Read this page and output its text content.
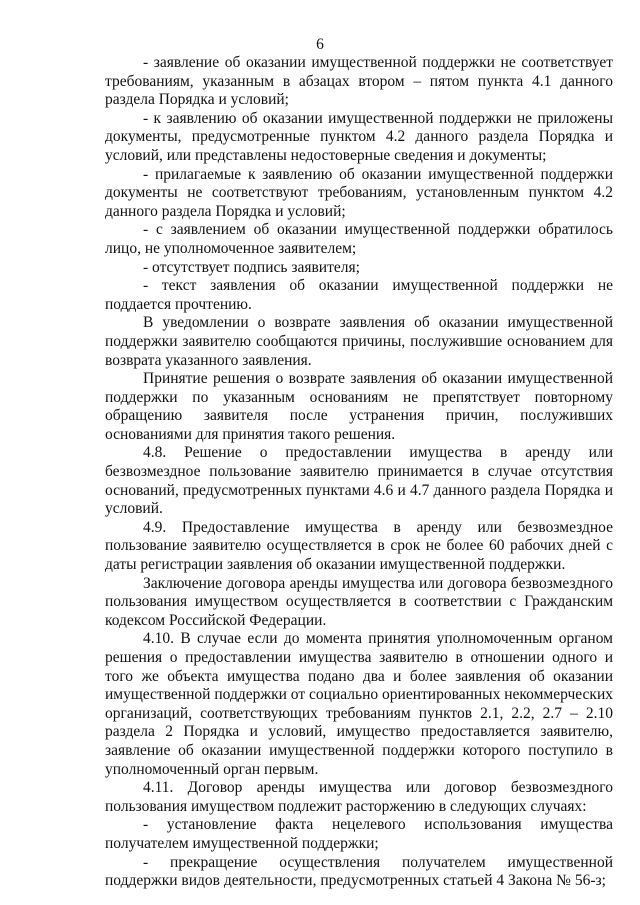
6

- заявление об оказании имущественной поддержки не соответствует требованиям, указанным в абзацах втором – пятом пункта 4.1 данного раздела Порядка и условий;

- к заявлению об оказании имущественной поддержки не приложены документы, предусмотренные пунктом 4.2 данного раздела Порядка и условий, или представлены недостоверные сведения и документы;

- прилагаемые к заявлению об оказании имущественной поддержки документы не соответствуют требованиям, установленным пунктом 4.2 данного раздела Порядка и условий;

- с заявлением об оказании имущественной поддержки обратилось лицо, не уполномоченное заявителем;

- отсутствует подпись заявителя;

- текст заявления об оказании имущественной поддержки не поддается прочтению.

В уведомлении о возврате заявления об оказании имущественной поддержки заявителю сообщаются причины, послужившие основанием для возврата указанного заявления.

Принятие решения о возврате заявления об оказании имущественной поддержки по указанным основаниям не препятствует повторному обращению заявителя после устранения причин, послуживших основаниями для принятия такого решения.

4.8. Решение о предоставлении имущества в аренду или безвозмездное пользование заявителю принимается в случае отсутствия оснований, предусмотренных пунктами 4.6 и 4.7 данного раздела Порядка и условий.

4.9. Предоставление имущества в аренду или безвозмездное пользование заявителю осуществляется в срок не более 60 рабочих дней с даты регистрации заявления об оказании имущественной поддержки.

Заключение договора аренды имущества или договора безвозмездного пользования имуществом осуществляется в соответствии с Гражданским кодексом Российской Федерации.

4.10. В случае если до момента принятия уполномоченным органом решения о предоставлении имущества заявителю в отношении одного и того же объекта имущества подано два и более заявления об оказании имущественной поддержки от социально ориентированных некоммерческих организаций, соответствующих требованиям пунктов 2.1, 2.2, 2.7 – 2.10 раздела 2 Порядка и условий, имущество предоставляется заявителю, заявление об оказании имущественной поддержки которого поступило в уполномоченный орган первым.

4.11. Договор аренды имущества или договор безвозмездного пользования имуществом подлежит расторжению в следующих случаях:

- установление факта нецелевого использования имущества получателем имущественной поддержки;

- прекращение осуществления получателем имущественной поддержки видов деятельности, предусмотренных статьей 4 Закона № 56-з;
